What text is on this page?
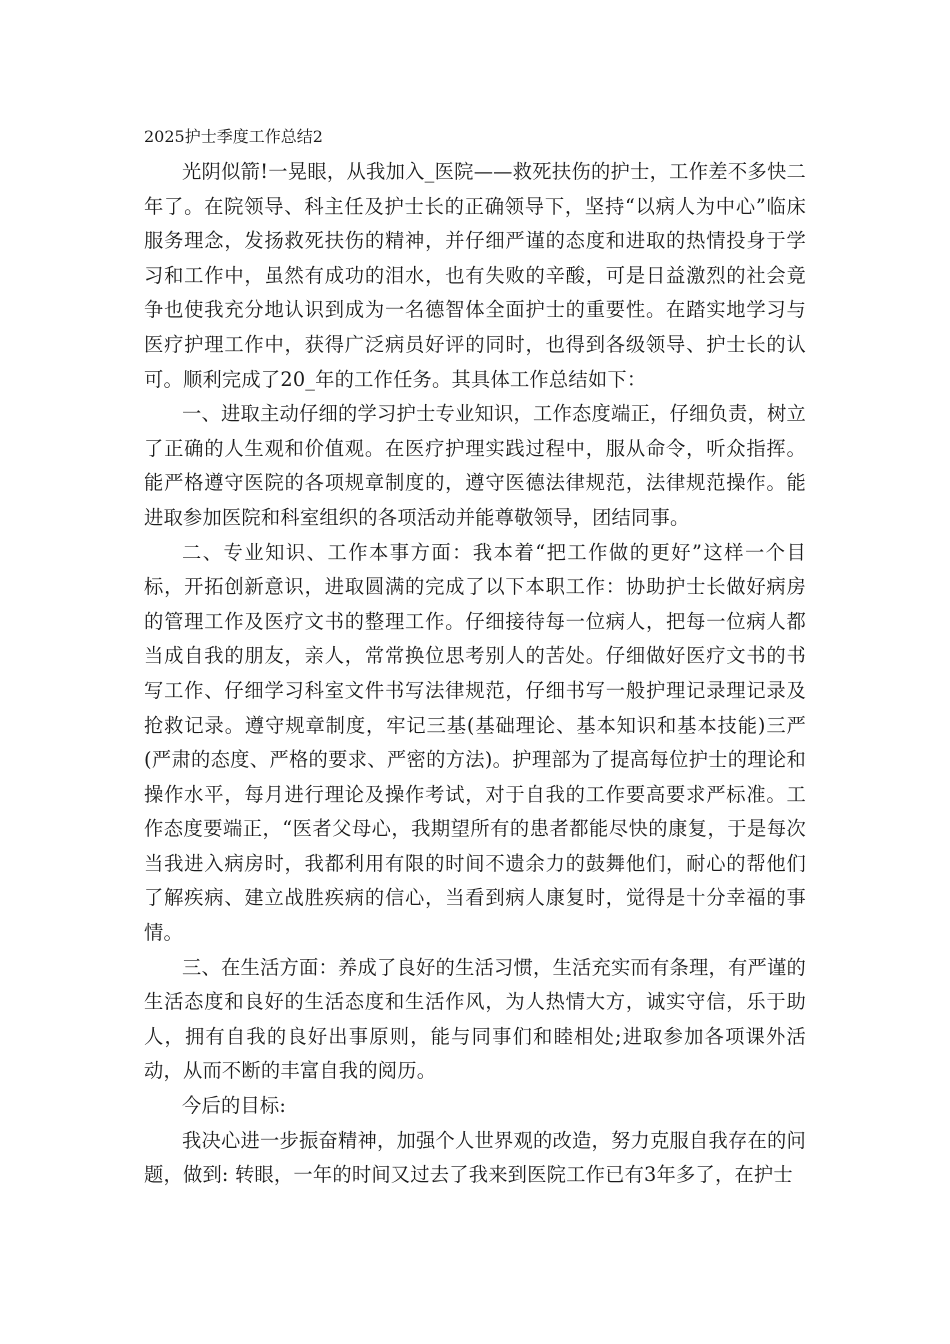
2025护士季度工作总结2

光阴似箭!一晃眼，从我加入_医院——救死扶伤的护士，工作差不多快二年了。在院领导、科主任及护士长的正确领导下，坚持“以病人为中心”临床服务理念，发扬救死扶伤的精神，并仔细严谨的态度和进取的热情投身于学习和工作中，虽然有成功的泪水，也有失败的辛酸，可是日益激烈的社会竟争也使我充分地认识到成为一名德智体全面护士的重要性。在踏实地学习与医疗护理工作中，获得广泛病员好评的同时，也得到各级领导、护士长的认可。顺利完成了20_年的工作任务。其具体工作总结如下：

一、进取主动仔细的学习护士专业知识，工作态度端正，仔细负责，树立了正确的人生观和价值观。在医疗护理实践过程中，服从命令，听众指挥。能严格遵守医院的各项规章制度的，遵守医德法律规范，法律规范操作。能进取参加医院和科室组织的各项活动并能尊敬领导，团结同事。

二、专业知识、工作本事方面：我本着“把工作做的更好”这样一个目标，开拓创新意识，进取圆满的完成了以下本职工作：协助护士长做好病房的管理工作及医疗文书的整理工作。仔细接待每一位病人，把每一位病人都当成自我的朋友，亲人，常常换位思考别人的苦处。仔细做好医疗文书的书写工作、仔细学习科室文件书写法律规范，仔细书写一般护理记录理记录及抢救记录。遵守规章制度，牢记三基(基础理论、基本知识和基本技能)三严(严肃的态度、严格的要求、严密的方法)。护理部为了提高每位护士的理论和操作水平，每月进行理论及操作考试，对于自我的工作要高要求严标准。工作态度要端正，“医者父母心，我期望所有的患者都能尽快的康复，于是每次当我进入病房时，我都利用有限的时间不遗余力的鼓舞他们，耐心的帮他们了解疾病、建立战胜疾病的信心，当看到病人康复时，觉得是十分幸福的事情。

三、在生活方面：养成了良好的生活习惯，生活充实而有条理，有严谨的生活态度和良好的生活态度和生活作风，为人热情大方，诚实守信，乐于助人，拥有自我的良好出事原则，能与同事们和睦相处;进取参加各项课外活动，从而不断的丰富自我的阅历。

今后的目标:

我决心进一步振奋精神，加强个人世界观的改造，努力克服自我存在的问题，做到: 转眼，一年的时间又过去了我来到医院工作已有3年多了，在护士
